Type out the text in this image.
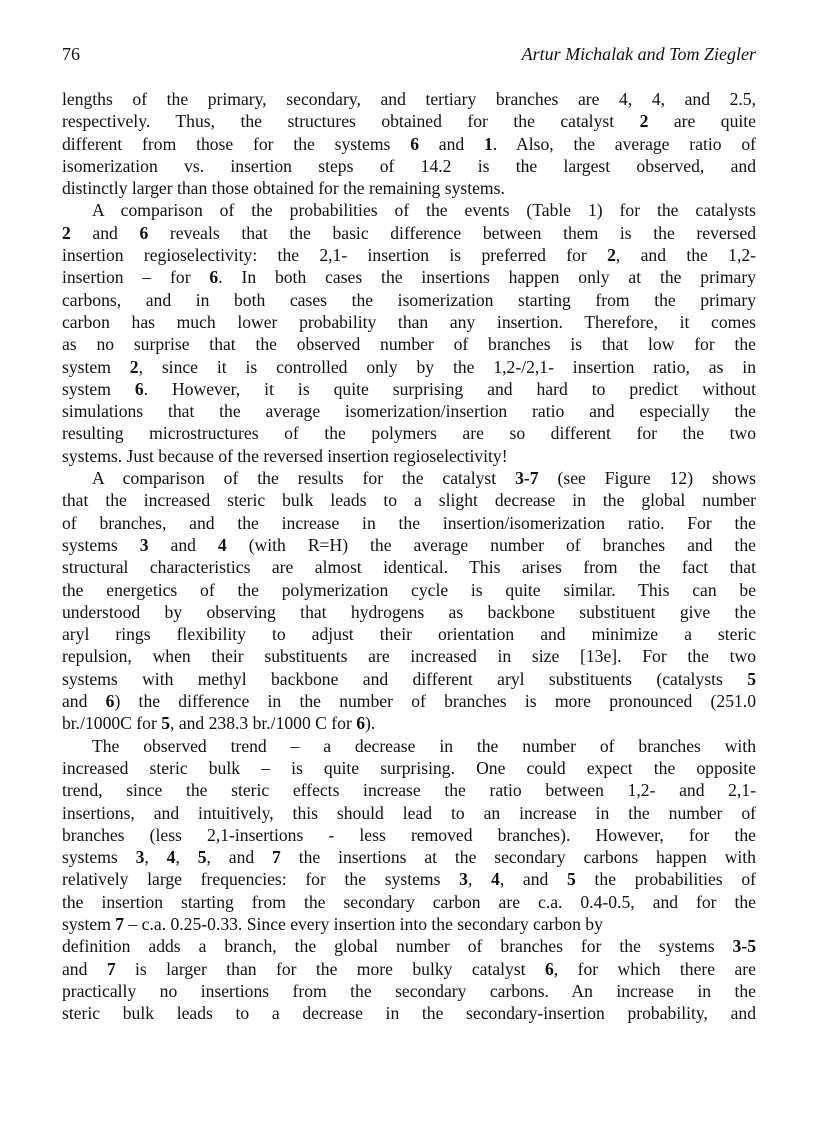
76	Artur Michalak and Tom Ziegler
lengths of the primary, secondary, and tertiary branches are 4, 4, and 2.5,
respectively. Thus, the structures obtained for the catalyst 2 are quite
different from those for the systems 6 and 1. Also, the average ratio of
isomerization vs. insertion steps of 14.2 is the largest observed, and
distinctly larger than those obtained for the remaining systems.
A comparison of the probabilities of the events (Table 1) for the catalysts
2 and 6 reveals that the basic difference between them is the reversed
insertion regioselectivity: the 2,1- insertion is preferred for 2, and the 1,2-
insertion – for 6. In both cases the insertions happen only at the primary
carbons, and in both cases the isomerization starting from the primary
carbon has much lower probability than any insertion. Therefore, it comes
as no surprise that the observed number of branches is that low for the
system 2, since it is controlled only by the 1,2-/2,1- insertion ratio, as in
system 6. However, it is quite surprising and hard to predict without
simulations that the average isomerization/insertion ratio and especially the
resulting microstructures of the polymers are so different for the two
systems. Just because of the reversed insertion regioselectivity!
A comparison of the results for the catalyst 3-7 (see Figure 12) shows
that the increased steric bulk leads to a slight decrease in the global number
of branches, and the increase in the insertion/isomerization ratio. For the
systems 3 and 4 (with R=H) the average number of branches and the
structural characteristics are almost identical. This arises from the fact that
the energetics of the polymerization cycle is quite similar. This can be
understood by observing that hydrogens as backbone substituent give the
aryl rings flexibility to adjust their orientation and minimize a steric
repulsion, when their substituents are increased in size [13e]. For the two
systems with methyl backbone and different aryl substituents (catalysts 5
and 6) the difference in the number of branches is more pronounced (251.0
br./1000C for 5, and 238.3 br./1000 C for 6).
The observed trend – a decrease in the number of branches with
increased steric bulk – is quite surprising. One could expect the opposite
trend, since the steric effects increase the ratio between 1,2- and 2,1-
insertions, and intuitively, this should lead to an increase in the number of
branches (less 2,1-insertions - less removed branches). However, for the
systems 3, 4, 5, and 7 the insertions at the secondary carbons happen with
relatively large frequencies: for the systems 3, 4, and 5 the probabilities of
the insertion starting from the secondary carbon are c.a. 0.4-0.5, and for the
system 7 – c.a. 0.25-0.33. Since every insertion into the secondary carbon by
definition adds a branch, the global number of branches for the systems 3-5
and 7 is larger than for the more bulky catalyst 6, for which there are
practically no insertions from the secondary carbons. An increase in the
steric bulk leads to a decrease in the secondary-insertion probability, and
